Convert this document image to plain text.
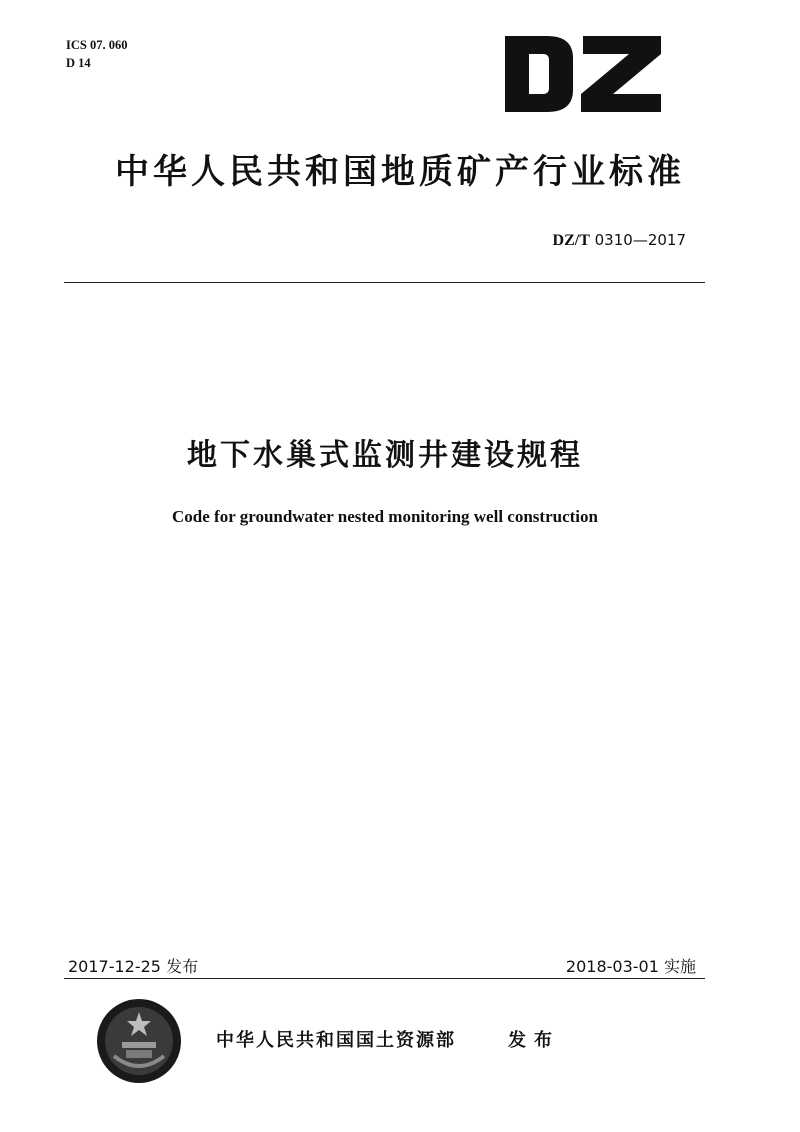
ICS 07. 060
D 14
中华人民共和国地质矿产行业标准
DZ/T 0310—2017
地下水巢式监测井建设规程
Code for groundwater nested monitoring well construction
2017-12-25 发布	2018-03-01 实施
中华人民共和国国土资源部	发布
